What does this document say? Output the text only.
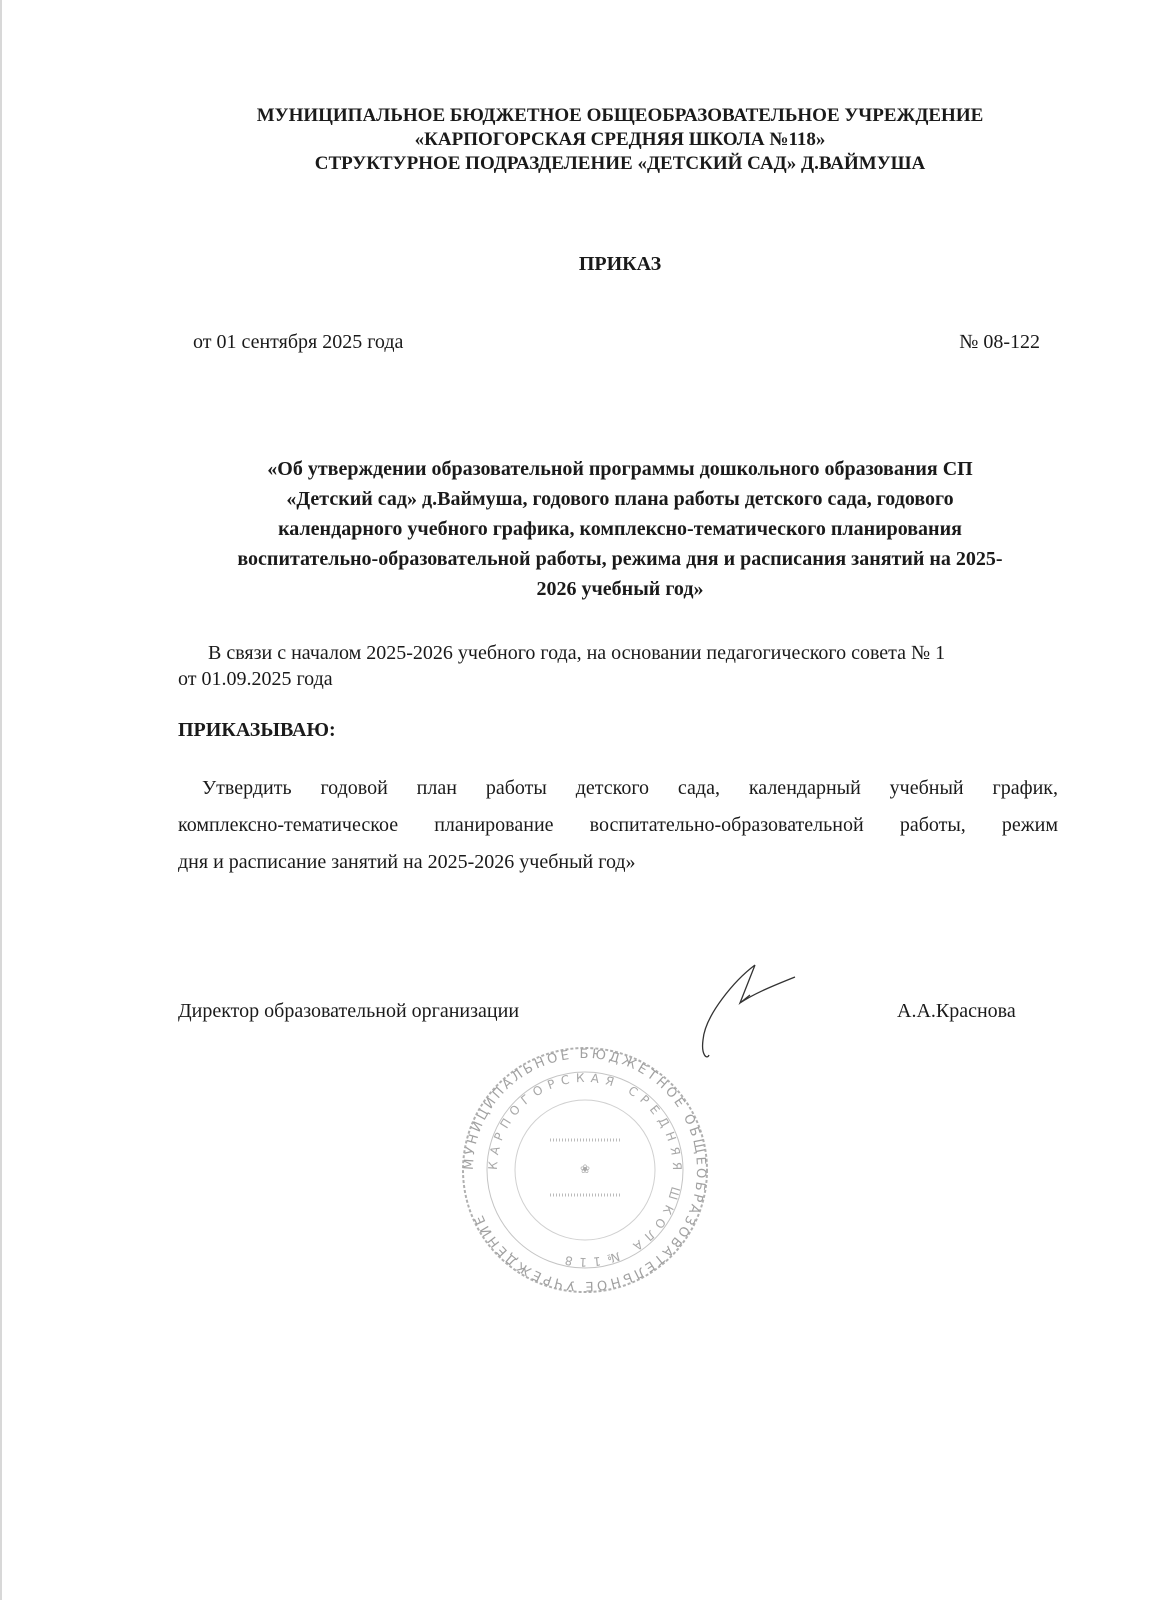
МУНИЦИПАЛЬНОЕ БЮДЖЕТНОЕ ОБЩЕОБРАЗОВАТЕЛЬНОЕ УЧРЕЖДЕНИЕ
«КАРПОГОРСКАЯ СРЕДНЯЯ ШКОЛА №118»
СТРУКТУРНОЕ ПОДРАЗДЕЛЕНИЕ «ДЕТСКИЙ САД» Д.ВАЙМУША
ПРИКАЗ
от 01 сентября 2025 года	№ 08-122
«Об утверждении образовательной программы дошкольного образования СП
«Детский сад» д.Ваймуша, годового плана работы детского сада, годового
календарного учебного графика, комплексно-тематического планирования
воспитательно-образовательной работы, режима дня и расписания занятий на 2025-
2026 учебный год»
В связи с началом 2025-2026 учебного года, на основании педагогического совета № 1
от 01.09.2025 года
ПРИКАЗЫВАЮ:
Утвердить годовой план работы детского сада, календарный учебный график,
комплексно-тематическое планирование воспитательно-образовательной работы, режим
дня и расписание занятий на 2025-2026 учебный год»
МУНИЦИПАЛЬНОЕ БЮДЖЕТНОЕ ОБЩЕОБРАЗОВАТЕЛЬНОЕ УЧРЕЖДЕНИЕ
КАРПОГОРСКАЯ СРЕДНЯЯ ШКОЛА №118
❀
Директор образовательной организации	А.А.Краснова
